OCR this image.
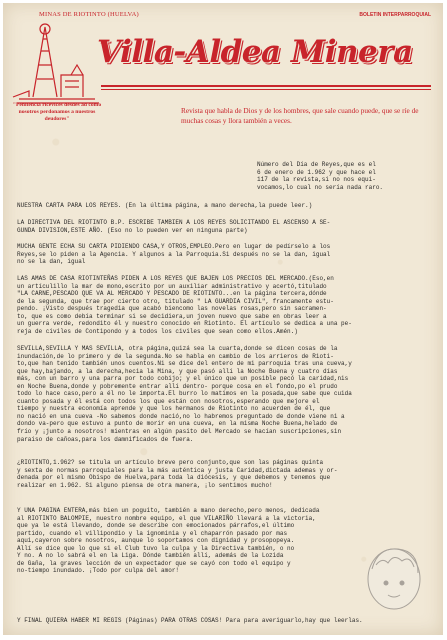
MINAS DE RIOTINTO (HUELVA)	BOLETIN INTERPARROQUIAL
Villa-Aldea Minera
"Penitencia ricevices desdes ad como nosotros perdonamos a nuestros deudores"
Revista que habla de Dios y de los hombres, que sale cuando puede, que se ríe de muchas cosas y llora también a veces.
Número del Día de Reyes,que es el
6 de enero de 1.962 y que hace el
117 de la revista,si no nos equi-
vocamos,lo cual no sería nada raro.
NUESTRA CARTA PARA LOS REYES. (En la última página, a mano derecha,la puede leer.)
LA DIRECTIVA DEL RIOTINTO B.P. ESCRIBE TAMBIEN A LOS REYES SOLICITANDO EL ASCENSO A SE-
GUNDA DIVISION,ESTE AÑO. (Eso no lo pueden ver en ninguna parte)
MUCHA GENTE ECHA SU CARTA PIDIENDO CASA,Y OTROS,EMPLEO.Pero en lugar de pedírselo a los
Reyes,se lo piden a la Agencia. Y algunos a la Parroquia.Si después no se la dan, igual
no se la dan, igual
LAS AMAS DE CASA RIOTINTEÑAS PIDEN A LOS REYES QUE BAJEN LOS PRECIOS DEL MERCADO.(Eso,en
un artículillo la mar de mono,escrito por un auxiliar administrativo y acertó,titulado
"LA CARNE,PESCADO QUE VA AL MERCADO Y PESCADO DE RIOTINTO...en la página tercera,dónde
de la segunda, que trae por cierto otro, titulado " LA GUARDIA CIVIL", francamente estu-
pendo. ¡Visto después tragedia que acabó biencomo las novelas rosas,pero sin sacramen-
to, que es como debía terminar si se decidiera,un joven nuevo que sabe en obras leer a
un guerra verde, redondito él y nuestro conocido en Riotinto. El artículo se dedica a una pe-
reja de civiles de Contipondo y a todos los civiles que sean como ellos.Amén.)
SEVILLA,SEVILLA Y MAS SEVILLA, otra página,quizá sea la cuarta,donde se dicen cosas de la
inundación,de lo primero y de la segunda.No se habla en cambio de los arrieros de Rioti-
to,que han tenido también unos cuentos.Ni se dice del entero de mi parroquia tras una cueva,y
que hay,bajando, a la derecha,hecia la Mina, y que pasó allí la Noche Buena y cuatro días
más, con un barro y una parra por todo cobijo; y el único que un posible pecó la caridad,nis
en Noche Buena,donde y pobremente entrar allí dentro- porque cosa en el fondo,po el prudo
todo lo hace caso,pero a él no le importa.El burro lo matimos en la posada,que sabe que cuida
cuanto posada y él está con todos los que están con nosotros,esperando que mejore el
tiempo y nuestra economía aprende y que los hermanos de Riotinto no acuerden de él, que
no nació en una cueva -No sabemos donde nació,no lo habremos preguntado de donde viene ni a
dondo va-pero que estuvo a punto de morir en una cueva, en la misma Noche Buena,helado de
frío y ¡junto a nosotros! mientras en algún pasito del Mercado se hacían suscripciones,sin
paraíso de cañoas,para los damnificados de fuera.
¿RIOTINTO,1.962? se titula un artículo breve pero conjunto,que son las páginas quinta
y sexta de normas parroquiales para la más auténtica y justa Caridad,dictada ademas y or-
denada por el mismo Obispo de Huelva,para toda la diócesis, y que debemos y tenemos que
realizar en 1.962. Si alguno piensa de otra manera, ¡lo sentimos mucho!
Y UNA PAGINA ENTERA,más bien un poguito, también a mano derecho,pero menos, dedicada
al RIOTINTO BALOMPIE, nuestro nombre equipo, el que VILARIÑO llevará a la victoria,
que ya le está llevando, donde se describe con emocionados párrafos,el último
partido, cuando el villipondio y la ignominia y el chaparrón pasado por mas
aqui,cayeron sobre nosotros, aunque lo soportamos con dignidad y prosopopeya.
Allí se dice que lo que si el Club tuvo la culpa y la Directiva también, o no
Y no. A no lo sabrá el en la Liga. Dónde también allí, además de la Lozida
de Gaña, la graves lección de un expectador que se cayó con todo el equipo y
no-tiempo inundado. ¡Todo por culpa del amor!
Y FINAL QUIERA HABER MI REGIS (Páginas) PARA OTRAS COSAS! Para para averiguarlo,hay que leerlas.
